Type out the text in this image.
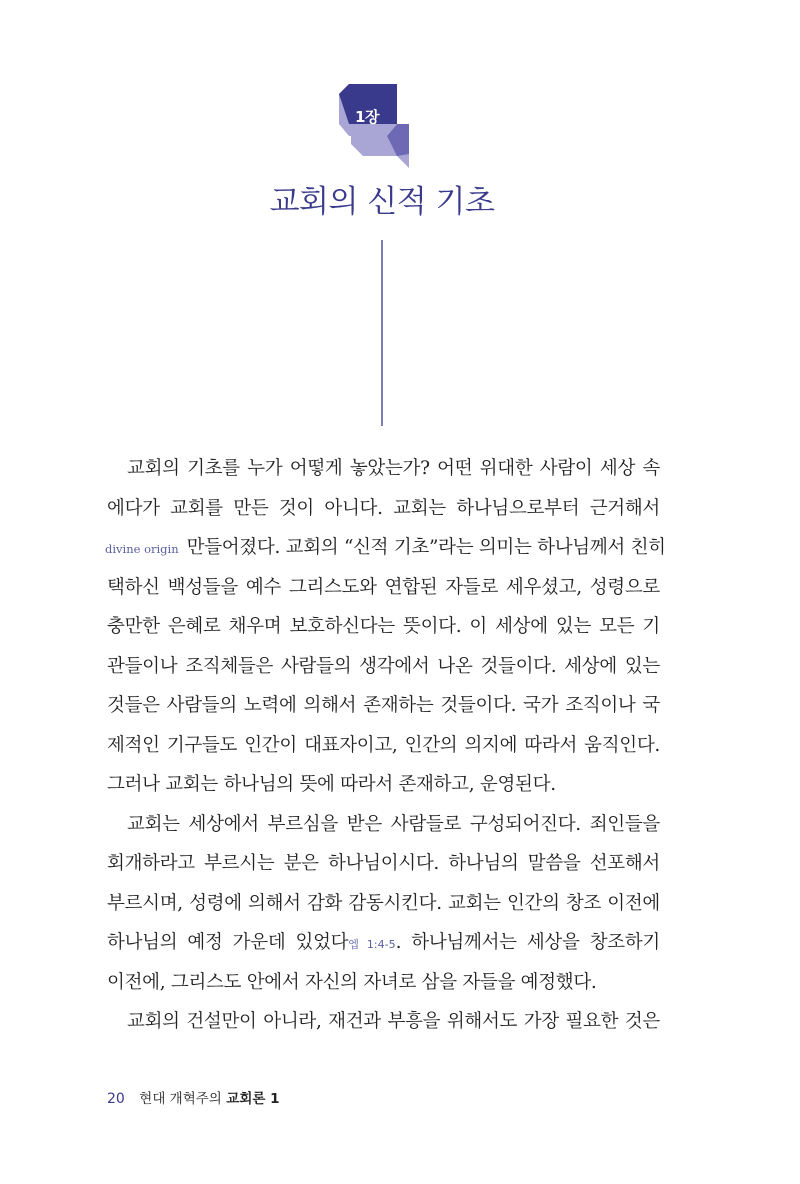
1장
교회의 신적 기초
교회의 기초를 누가 어떻게 놓았는가? 어떤 위대한 사람이 세상 속
에다가 교회를 만든 것이 아니다. 교회는 하나님으로부터 근거해서
divine origin 만들어졌다. 교회의 “신적 기초”라는 의미는 하나님께서 친히
택하신 백성들을 예수 그리스도와 연합된 자들로 세우셨고, 성령으로
충만한 은혜로 채우며 보호하신다는 뜻이다. 이 세상에 있는 모든 기
관들이나 조직체들은 사람들의 생각에서 나온 것들이다. 세상에 있는
것들은 사람들의 노력에 의해서 존재하는 것들이다. 국가 조직이나 국
제적인 기구들도 인간이 대표자이고, 인간의 의지에 따라서 움직인다.
그러나 교회는 하나님의 뜻에 따라서 존재하고, 운영된다.
교회는 세상에서 부르심을 받은 사람들로 구성되어진다. 죄인들을
회개하라고 부르시는 분은 하나님이시다. 하나님의 말씀을 선포해서
부르시며, 성령에 의해서 감화 감동시킨다. 교회는 인간의 창조 이전에
하나님의 예정 가운데 있었다엡 1:4-5. 하나님께서는 세상을 창조하기
이전에, 그리스도 안에서 자신의 자녀로 삼을 자들을 예정했다.
교회의 건설만이 아니라, 재건과 부흥을 위해서도 가장 필요한 것은
20 현대 개혁주의 교회론 1
